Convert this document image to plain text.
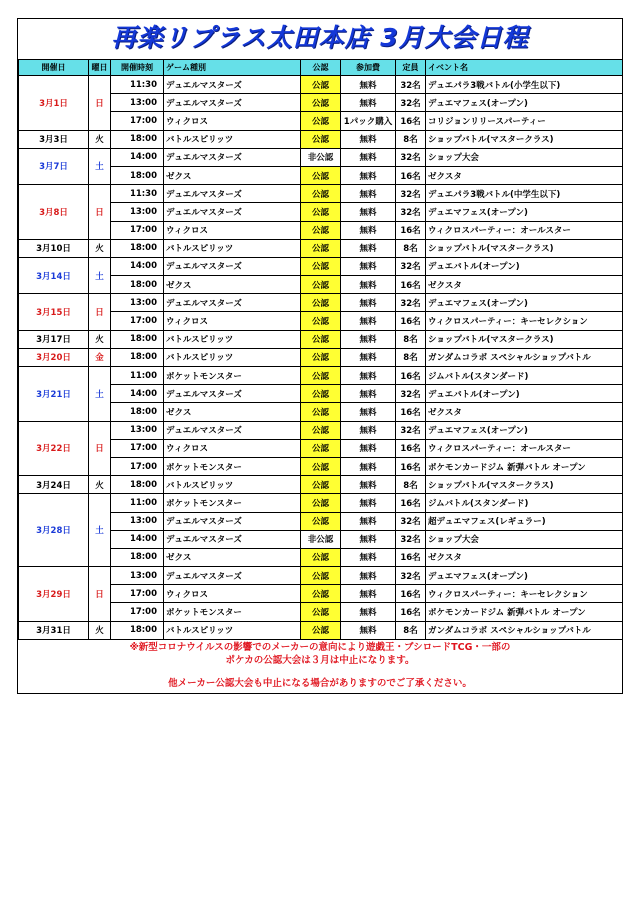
再楽リプラス太田本店 3月大会日程
開催日	曜日	開催時刻	ゲーム種別	公認	参加費	定員	イベント名
3月1日	日	11:30	デュエルマスターズ	公認	無料	32名	デュエパラ3戦バトル(小学生以下)
		13:00	デュエルマスターズ	公認	無料	32名	デュエマフェス(オープン)
		17:00	ウィクロス	公認	1パック購入	16名	コリジョンリリースパーティー
3月3日	火	18:00	バトルスピリッツ	公認	無料	8名	ショップバトル(マスタークラス)
3月7日	土	14:00	デュエルマスターズ	非公認	無料	32名	ショップ大会
		18:00	ゼクス	公認	無料	16名	ゼクスタ
3月8日	日	11:30	デュエルマスターズ	公認	無料	32名	デュエパラ3戦バトル(中学生以下)
		13:00	デュエルマスターズ	公認	無料	32名	デュエマフェス(オープン)
		17:00	ウィクロス	公認	無料	16名	ウィクロスパーティー：オールスター
3月10日	火	18:00	バトルスピリッツ	公認	無料	8名	ショップバトル(マスタークラス)
3月14日	土	14:00	デュエルマスターズ	公認	無料	32名	デュエバトル(オープン)
		18:00	ゼクス	公認	無料	16名	ゼクスタ
3月15日	日	13:00	デュエルマスターズ	公認	無料	32名	デュエマフェス(オープン)
		17:00	ウィクロス	公認	無料	16名	ウィクロスパーティー：キーセレクション
3月17日	火	18:00	バトルスピリッツ	公認	無料	8名	ショップバトル(マスタークラス)
3月20日	金	18:00	バトルスピリッツ	公認	無料	8名	ガンダムコラボ スペシャルショップバトル
3月21日	土	11:00	ポケットモンスター	公認	無料	16名	ジムバトル(スタンダード)
		14:00	デュエルマスターズ	公認	無料	32名	デュエバトル(オープン)
		18:00	ゼクス	公認	無料	16名	ゼクスタ
3月22日	日	13:00	デュエルマスターズ	公認	無料	32名	デュエマフェス(オープン)
		17:00	ウィクロス	公認	無料	16名	ウィクロスパーティー：オールスター
		17:00	ポケットモンスター	公認	無料	16名	ポケモンカードジム 新弾バトル オープン
3月24日	火	18:00	バトルスピリッツ	公認	無料	8名	ショップバトル(マスタークラス)
3月28日	土	11:00	ポケットモンスター	公認	無料	16名	ジムバトル(スタンダード)
		13:00	デュエルマスターズ	公認	無料	32名	超デュエマフェス(レギュラー)
		14:00	デュエルマスターズ	非公認	無料	32名	ショップ大会
		18:00	ゼクス	公認	無料	16名	ゼクスタ
3月29日	日	13:00	デュエルマスターズ	公認	無料	32名	デュエマフェス(オープン)
		17:00	ウィクロス	公認	無料	16名	ウィクロスパーティー：キーセレクション
		17:00	ポケットモンスター	公認	無料	16名	ポケモンカードジム 新弾バトル オープン
3月31日	火	18:00	バトルスピリッツ	公認	無料	8名	ガンダムコラボ スペシャルショップバトル
※新型コロナウイルスの影響でのメーカーの意向により遊戯王・ブシロードTCG・一部の
ポケカの公認大会は３月は中止になります。
他メーカー公認大会も中止になる場合がありますのでご了承ください。
